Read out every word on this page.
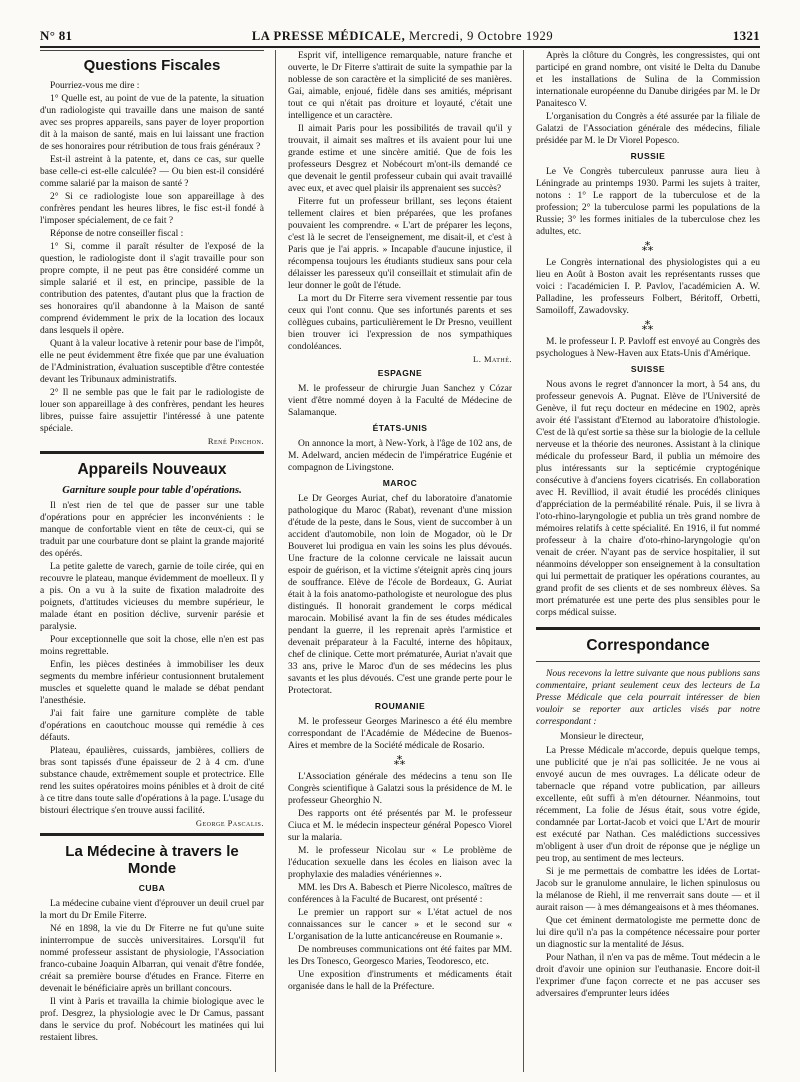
N° 81	LA PRESSE MÉDICALE, Mercredi, 9 Octobre 1929	1321
Questions Fiscales

Pourriez-vous me dire :

1° Quelle est, au point de vue de la patente, la situation d'un radiologiste qui travaille dans une maison de santé avec ses propres appareils, sans payer de loyer proportion dit à la maison de santé, mais en lui laissant une fraction de ses honoraires pour rétribution de tous frais généraux ?

Est-il astreint à la patente, et, dans ce cas, sur quelle base celle-ci est-elle calculée? — Ou bien est-il considéré comme salarié par la maison de santé ?

2° Si ce radiologiste loue son appareillage à des confrères pendant les heures libres, le fisc est-il fondé à l'imposer spécialement, de ce fait ?

Réponse de notre conseiller fiscal :

1° Si, comme il paraît résulter de l'exposé de la question, le radiologiste dont il s'agit travaille pour son propre compte, il ne peut pas être considéré comme un simple salarié et il est, en principe, passible de la contribution des patentes, d'autant plus que la fraction de ses honoraires qu'il abandonne à la Maison de santé comprend évidemment le prix de la location des locaux dans lesquels il opère.

Quant à la valeur locative à retenir pour base de l'impôt, elle ne peut évidemment être fixée que par une évaluation de l'Administration, évaluation susceptible d'être contestée devant les Tribunaux administratifs.

2° Il ne semble pas que le fait par le radiologiste de louer son appareillage à des confrères, pendant les heures libres, puisse faire assujettir l'intéressé à une patente spéciale.

René Pinchon.
Appareils Nouveaux
Garniture souple pour table d'opérations.

Il n'est rien de tel que de passer sur une table d'opérations pour en apprécier les inconvénients : le manque de confortable vient en tête de ceux-ci, qui se traduit par une courbature dont se plaint la grande majorité des opérés.

La petite galette de varech, garnie de toile cirée, qui en recouvre le plateau, manque évidemment de moelleux. Il y a pis. On a vu à la suite de fixation maladroite des poignets, d'attitudes vicieuses du membre supérieur, le malade étant en position déclive, survenir parésie et paralysie.

Pour exceptionnelle que soit la chose, elle n'en est pas moins regrettable.

Enfin, les pièces destinées à immobiliser les deux segments du membre inférieur contusionnent brutalement muscles et squelette quand le malade se débat pendant l'anesthésie.

J'ai fait faire une garniture complète de table d'opérations en caoutchouc mousse qui remédie à ces défauts.

Plateau, épaulières, cuissards, jambières, colliers de bras sont tapissés d'une épaisseur de 2 à 4 cm. d'une substance chaude, extrêmement souple et protectrice. Elle rend les suites opératoires moins pénibles et à droit de cité à ce titre dans toute salle d'opérations à la page. L'usage du bistouri électrique s'en trouve aussi facilité.

George Pascalis.
La Médecine à travers le Monde
CUBA

La médecine cubaine vient d'éprouver un deuil cruel par la mort du Dr Emile Fiterre.

Né en 1898, la vie du Dr Fiterre ne fut qu'une suite ininterrompue de succès universitaires. Lorsqu'il fut nommé professeur assistant de physiologie, l'Association franco-cubaine Joaquin Albarran, qui venait d'être fondée, créait sa première bourse d'études en France. Fiterre en devenait le bénéficiaire après un brillant concours.

Il vint à Paris et travailla la chimie biologique avec le prof. Desgrez, la physiologie avec le Dr Camus, passant dans le service du prof. Nobécourt les matinées qui lui restaient libres.

Esprit vif, intelligence remarquable, nature franche et ouverte, le Dr Fiterre s'attirait de suite la sympathie par la noblesse de son caractère et la simplicité de ses manières. Gai, aimable, enjoué, fidèle dans ses amitiés, méprisant tout ce qui n'était pas droiture et loyauté, c'était une intelligence et un caractère.

Il aimait Paris pour les possibilités de travail qu'il y trouvait, il aimait ses maîtres et ils avaient pour lui une grande estime et une sincère amitié. Que de fois les professeurs Desgrez et Nobécourt m'ont-ils demandé ce que devenait le gentil professeur cubain qui avait travaillé avec eux, et avec quel plaisir ils apprenaient ses succès?

Fiterre fut un professeur brillant, ses leçons étaient tellement claires et bien préparées, que les profanes pouvaient les comprendre. « L'art de préparer les leçons, c'est là le secret de l'enseignement, me disait-il, et c'est à Paris que je l'ai appris. » Incapable d'aucune injustice, il récompensa toujours les étudiants studieux sans pour cela délaisser les paresseux qu'il conseillait et stimulait afin de leur donner le goût de l'étude.

La mort du Dr Fiterre sera vivement ressentie par tous ceux qui l'ont connu. Que ses infortunés parents et ses collègues cubains, particulièrement le Dr Presno, veuillent bien trouver ici l'expression de nos sympathiques condoléances.

L. Mathé.
ESPAGNE

M. le professeur de chirurgie Juan Sanchez y Cózar vient d'être nommé doyen à la Faculté de Médecine de Salamanque.

ÉTATS-UNIS

On annonce la mort, à New-York, à l'âge de 102 ans, de M. Adelward, ancien médecin de l'impératrice Eugénie et compagnon de Livingstone.

MAROC

Le Dr Georges Auriat, chef du laboratoire d'anatomie pathologique du Maroc (Rabat), revenant d'une mission d'étude de la peste, dans le Sous, vient de succomber à un accident d'automobile, non loin de Mogador, où le Dr Bouveret lui prodigua en vain les soins les plus dévoués. Une fracture de la colonne cervicale ne laissait aucun espoir de guérison, et la victime s'éteignit après cinq jours de souffrance. Elève de l'école de Bordeaux, G. Auriat était à la fois anatomo-pathologiste et neurologue des plus distingués. Il honorait grandement le corps médical marocain. Mobilisé avant la fin de ses études médicales pendant la guerre, il les reprenait après l'armistice et devenait préparateur à la Faculté, interne des hôpitaux, chef de clinique. Cette mort prématurée, Auriat n'avait que 33 ans, prive le Maroc d'un de ses médecins les plus savants et les plus dévoués. C'est une grande perte pour le Protectorat.

ROUMANIE

M. le professeur Georges Marinesco a été élu membre correspondant de l'Académie de Médecine de Buenos-Aires et membre de la Société médicale de Rosario.

⁂

L'Association générale des médecins a tenu son IIe Congrès scientifique à Galatzi sous la présidence de M. le professeur Gheorghio N.

Des rapports ont été présentés par M. le professeur Ciuca et M. le médecin inspecteur général Popesco Viorel sur la malaria.

M. le professeur Nicolau sur « Le problème de l'éducation sexuelle dans les écoles en liaison avec la prophylaxie des maladies vénériennes ».

MM. les Drs A. Babesch et Pierre Nicolesco, maîtres de conférences à la Faculté de Bucarest, ont présenté :

Le premier un rapport sur « L'état actuel de nos connaissances sur le cancer » et le second sur « L'organisation de la lutte anticancéreuse en Roumanie ».

De nombreuses communications ont été faites par MM. les Drs Tonesco, Georgesco Maries, Teodoresco, etc.

Une exposition d'instruments et médicaments était organisée dans le hall de la Préfecture.

Après la clôture du Congrès, les congressistes, qui ont participé en grand nombre, ont visité le Delta du Danube et les installations de Sulina de la Commission internationale européenne du Danube dirigées par M. le Dr Panaitesco V.

L'organisation du Congrès a été assurée par la filiale de Galatzi de l'Association générale des médecins, filiale présidée par M. le Dr Viorel Popesco.

RUSSIE

Le Ve Congrès tuberculeux panrusse aura lieu à Léningrade au printemps 1930. Parmi les sujets à traiter, notons : 1° Le rapport de la tuberculose et de la profession; 2° la tuberculose parmi les populations de la Russie; 3° les formes initiales de la tuberculose chez les adultes, etc.

⁂

Le Congrès international des physiologistes qui a eu lieu en Août à Boston avait les représentants russes que voici : l'académicien I. P. Pavlov, l'académicien A. W. Palladine, les professeurs Folbert, Béritoff, Orbetti, Samoiloff, Zawadovsky.

⁂

M. le professeur I. P. Pavloff est envoyé au Congrès des psychologues à New-Haven aux Etats-Unis d'Amérique.

SUISSE

Nous avons le regret d'annoncer la mort, à 54 ans, du professeur genevois A. Pugnat. Elève de l'Université de Genève, il fut reçu docteur en médecine en 1902, après avoir été l'assistant d'Eternod au laboratoire d'histologie. C'est de là qu'est sortie sa thèse sur la biologie de la cellule nerveuse et la théorie des neurones. Assistant à la clinique médicale du professeur Bard, il publia un mémoire des plus intéressants sur la septicémie cryptogénique consécutive à d'anciens foyers cicatrisés. En collaboration avec H. Revilliod, il avait étudié les procédés cliniques d'appréciation de la perméabilité rénale. Puis, il se livra à l'oto-rhino-laryngologie et publia un très grand nombre de mémoires relatifs à cette spécialité. En 1916, il fut nommé professeur à la chaire d'oto-rhino-laryngologie qu'on venait de créer. N'ayant pas de service hospitalier, il sut néanmoins développer son enseignement à la consultation qui lui permettait de pratiquer les opérations courantes, au grand profit de ses clients et de ses nombreux élèves. Sa mort prématurée est une perte des plus sensibles pour le corps médical suisse.

Correspondance

Nous recevons la lettre suivante que nous publions sans commentaire, priant seulement ceux des lecteurs de La Presse Médicale que cela pourrait intéresser de bien vouloir se reporter aux articles visés par notre correspondant :

Monsieur le directeur,

La Presse Médicale m'accorde, depuis quelque temps, une publicité que je n'ai pas sollicitée. Je ne vous ai envoyé aucun de mes ouvrages. La délicate odeur de tabernacle que répand votre publication, par ailleurs excellente, eût suffi à m'en détourner. Néanmoins, tout récemment, La folie de Jésus était, sous votre égide, condamnée par Lortat-Jacob et voici que L'Art de mourir est exécuté par Nathan. Ces malédictions successives m'obligent à user d'un droit de réponse que je néglige un peu trop, au sentiment de mes lecteurs.

Si je me permettais de combattre les idées de Lortat-Jacob sur le granulome annulaire, le lichen spinulosus ou la mélanose de Riehl, il me renverrait sans doute — et il aurait raison — à mes démangeaisons et à mes théomanes.

Que cet éminent dermatologiste me permette donc de lui dire qu'il n'a pas la compétence nécessaire pour porter un diagnostic sur la mentalité de Jésus.

Pour Nathan, il n'en va pas de même. Tout médecin a le droit d'avoir une opinion sur l'euthanasie. Encore doit-il l'exprimer d'une façon correcte et ne pas accuser ses adversaires d'emprunter leurs idées
